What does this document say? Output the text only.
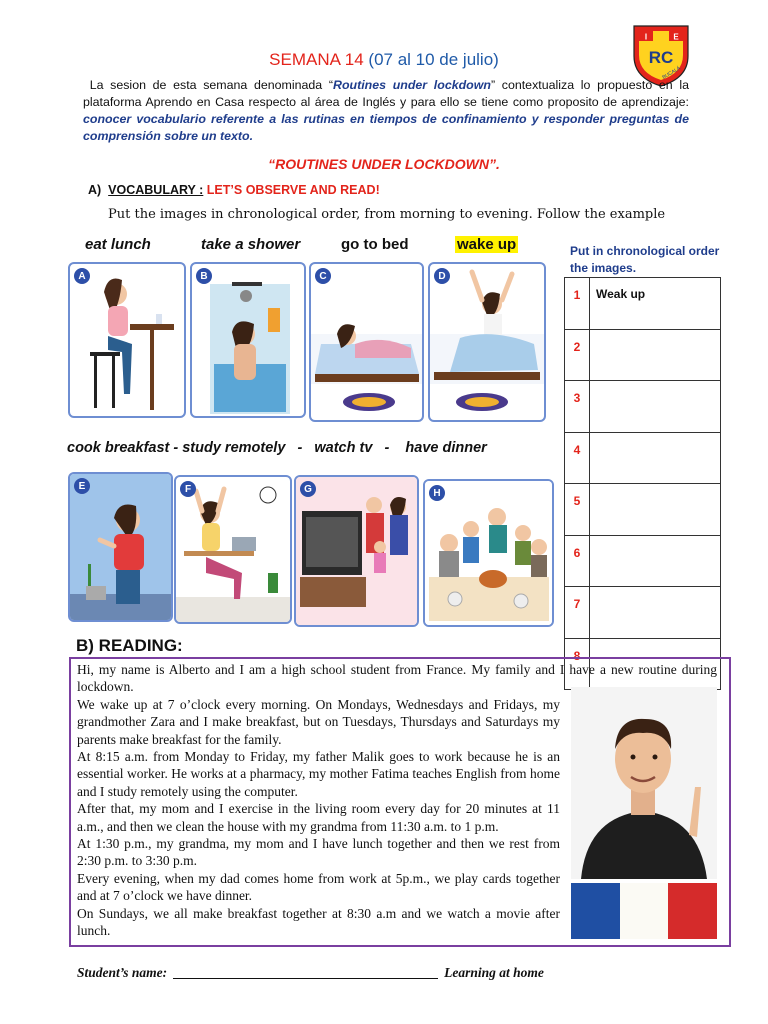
SEMANA 14 (07 al 10 de julio)
I	E
RC
BUCALÁ
La sesion de esta semana denominada “Routines under lockdown” contextualiza lo propuesto en la plataforma Aprendo en Casa respecto al área de Inglés y para ello se tiene como proposito de aprendizaje: conocer vocabulario referente a las rutinas en tiempos de confinamiento y responder preguntas de comprensión sobre un texto.
“ROUTINES UNDER LOCKDOWN”.
A) VOCABULARY : LET’S OBSERVE AND READ!
Put the images in chronological order, from morning to evening. Follow the example
eat lunch	take a shower	go to bed	wake up
A	B	C	D
cook breakfast - study remotely   -   watch tv   -    have dinner
E	F	G	H
Put in chronological order the images.
1	Weak up
2	
3	
4	
5	
6	
7	
8	
B) READING:

Hi, my name is Alberto and I am a high school student from France. My family and I have a new routine during lockdown.

We wake up at 7 o’clock every morning. On Mondays, Wednesdays and Fridays, my grandmother Zara and I make breakfast, but on Tuesdays, Thursdays and Saturdays my parents make breakfast for the family.

At 8:15 a.m. from Monday to Friday, my father Malik goes to work because he is an essential worker. He works at a pharmacy, my mother Fatima teaches English from home and I study remotely using the computer.

After that, my mom and I exercise in the living room every day for 20 minutes at 11 a.m., and then we clean the house with my grandma from 11:30 a.m. to 1 p.m.

At 1:30 p.m., my grandma, my mom and I have lunch together and then we rest from 2:30 p.m. to 3:30 p.m.

Every evening, when my dad comes home from work at 5p.m., we play cards together and at 7 o’clock we have dinner.

On Sundays, we all make breakfast together at 8:30 a.m and we watch a movie after lunch.

Student’s name:	Learning at home
